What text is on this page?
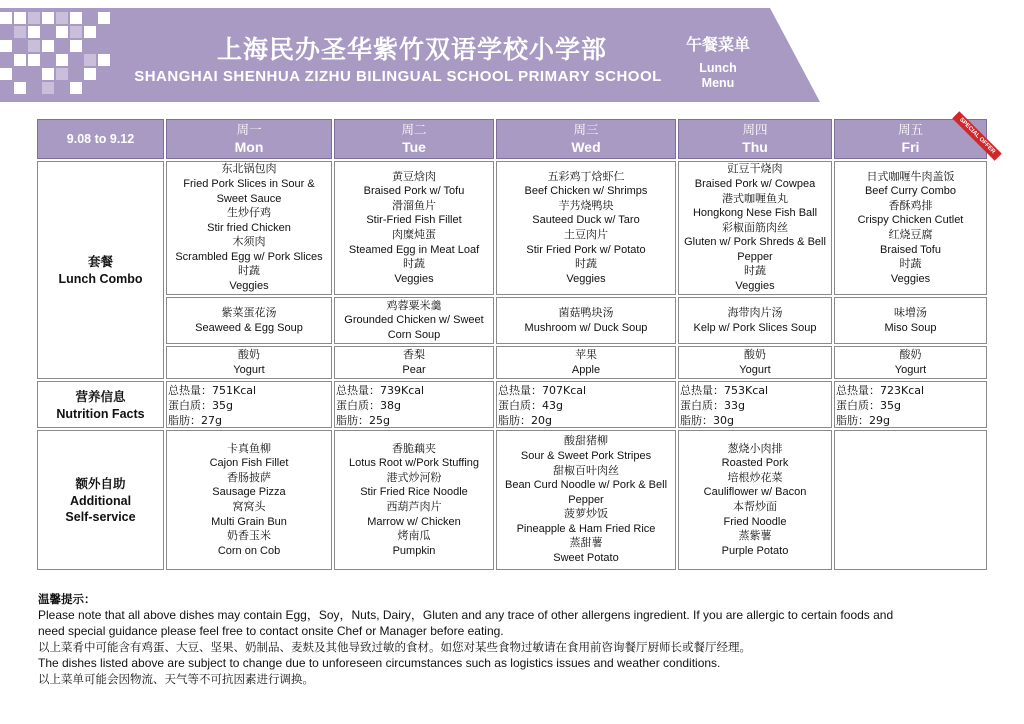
上海民办圣华紫竹双语学校小学部
SHANGHAI SHENHUA ZIZHU BILINGUAL SCHOOL PRIMARY SCHOOL
午餐菜单
Lunch
Menu
9.08 to 9.12
周一
Mon
周二
Tue
周三
Wed
周四
Thu
周五
Fri	SPECIAL OFFER
套餐
Lunch Combo
营养信息
Nutrition Facts
额外自助
Additional
Self-service
东北锅包肉
Fried Pork Slices in Sour &
Sweet Sauce
生炒仔鸡
Stir fried Chicken
木须肉
Scrambled Egg w/ Pork Slices
时蔬
Veggies
紫菜蛋花汤
Seaweed & Egg Soup
酸奶
Yogurt
总热量：751Kcal
蛋白质：35g
脂肪：27g
卡真鱼柳
Cajon Fish Fillet
香肠披萨
Sausage Pizza
窝窝头
Multi Grain Bun
奶香玉米
Corn on Cob
黄豆焓肉
Braised Pork w/ Tofu
滑溜鱼片
Stir-Fried Fish Fillet
肉糜炖蛋
Steamed Egg in Meat Loaf
时蔬
Veggies
鸡蓉粟米羹
Grounded Chicken w/ Sweet
Corn Soup
香梨
Pear
总热量：739Kcal
蛋白质：38g
脂肪：25g
香脆藕夹
Lotus Root w/Pork Stuffing
港式炒河粉
Stir Fried Rice Noodle
西葫芦肉片
Marrow w/ Chicken
烤南瓜
Pumpkin
五彩鸡丁焓虾仁
Beef Chicken w/ Shrimps
芋艿烧鸭块
Sauteed Duck w/ Taro
土豆肉片
Stir Fried Pork w/ Potato
时蔬
Veggies
菌菇鸭块汤
Mushroom w/ Duck Soup
苹果
Apple
总热量：707Kcal
蛋白质：43g
脂肪：20g
酸甜猪柳
Sour & Sweet Pork Stripes
甜椒百叶肉丝
Bean Curd Noodle w/ Pork & Bell
Pepper
菠萝炒饭
Pineapple & Ham Fried Rice
蒸甜薯
Sweet Potato
豇豆干烧肉
Braised Pork w/ Cowpea
港式咖喱鱼丸
Hongkong Nese Fish Ball
彩椒面筋肉丝
Gluten w/ Pork Shreds & Bell
Pepper
时蔬
Veggies
海带肉片汤
Kelp w/ Pork Slices Soup
酸奶
Yogurt
总热量：753Kcal
蛋白质：33g
脂肪：30g
葱烧小肉排
Roasted Pork
培根炒花菜
Cauliflower w/ Bacon
本帮炒面
Fried Noodle
蒸紫薯
Purple Potato
日式咖喱牛肉盖饭
Beef Curry Combo
香酥鸡排
Crispy Chicken Cutlet
红烧豆腐
Braised Tofu
时蔬
Veggies
味增汤
Miso Soup
酸奶
Yogurt
总热量：723Kcal
蛋白质：35g
脂肪：29g

温馨提示：

Please note that all above dishes may contain Egg，Soy，Nuts, Dairy，Gluten and any trace of other allergens ingredient. If you are allergic to certain foods and

need special guidance please feel free to contact onsite Chef or Manager before eating.

以上菜肴中可能含有鸡蛋、大豆、坚果、奶制品、麦麸及其他导致过敏的食材。如您对某些食物过敏请在食用前咨询餐厅厨师长或餐厅经理。

The dishes listed above are subject to change due to unforeseen circumstances such as logistics issues and weather conditions.

以上菜单可能会因物流、天气等不可抗因素进行调换。
